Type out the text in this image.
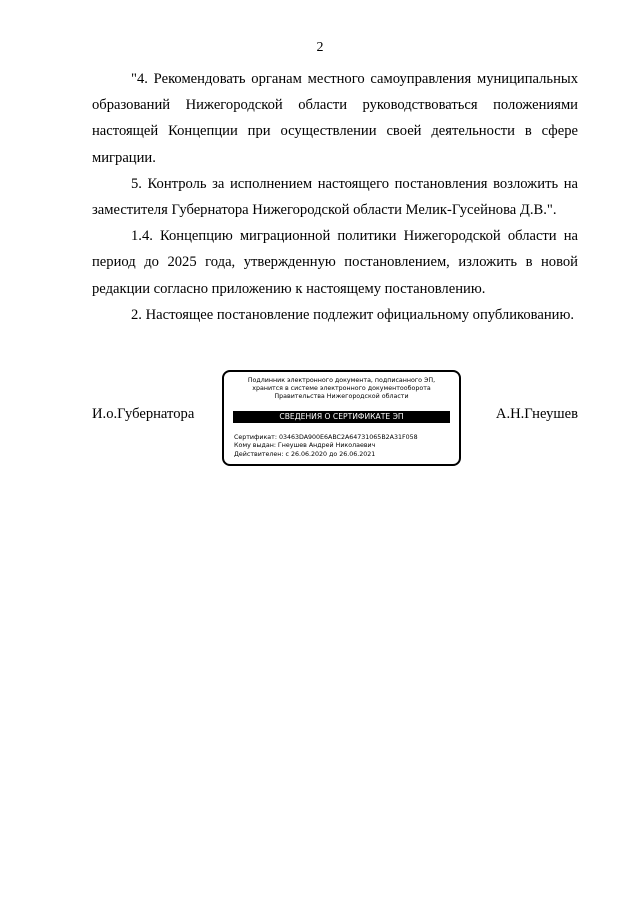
2

"4. Рекомендовать органам местного самоуправления муниципальных образований Нижегородской области руководствоваться положениями настоящей Концепции при осуществлении своей деятельности в сфере миграции.

5. Контроль за исполнением настоящего постановления возложить на заместителя Губернатора Нижегородской области Мелик-Гусейнова Д.В.".

1.4. Концепцию миграционной политики Нижегородской области на период до 2025 года, утвержденную постановлением, изложить в новой редакции согласно приложению к настоящему постановлению.

2. Настоящее постановление подлежит официальному опубликованию.

И.о.Губернатора
Подлинник электронного документа, подписанного ЭП,
хранится в системе электронного документооборота
Правительства Нижегородской области
СВЕДЕНИЯ О СЕРТИФИКАТЕ ЭП
Сертификат: 03463DA900E6ABC2A64731065B2A31F058
Кому выдан: Гнеушев Андрей Николаевич
Действителен: с 26.06.2020 до 26.06.2021
А.Н.Гнеушев
